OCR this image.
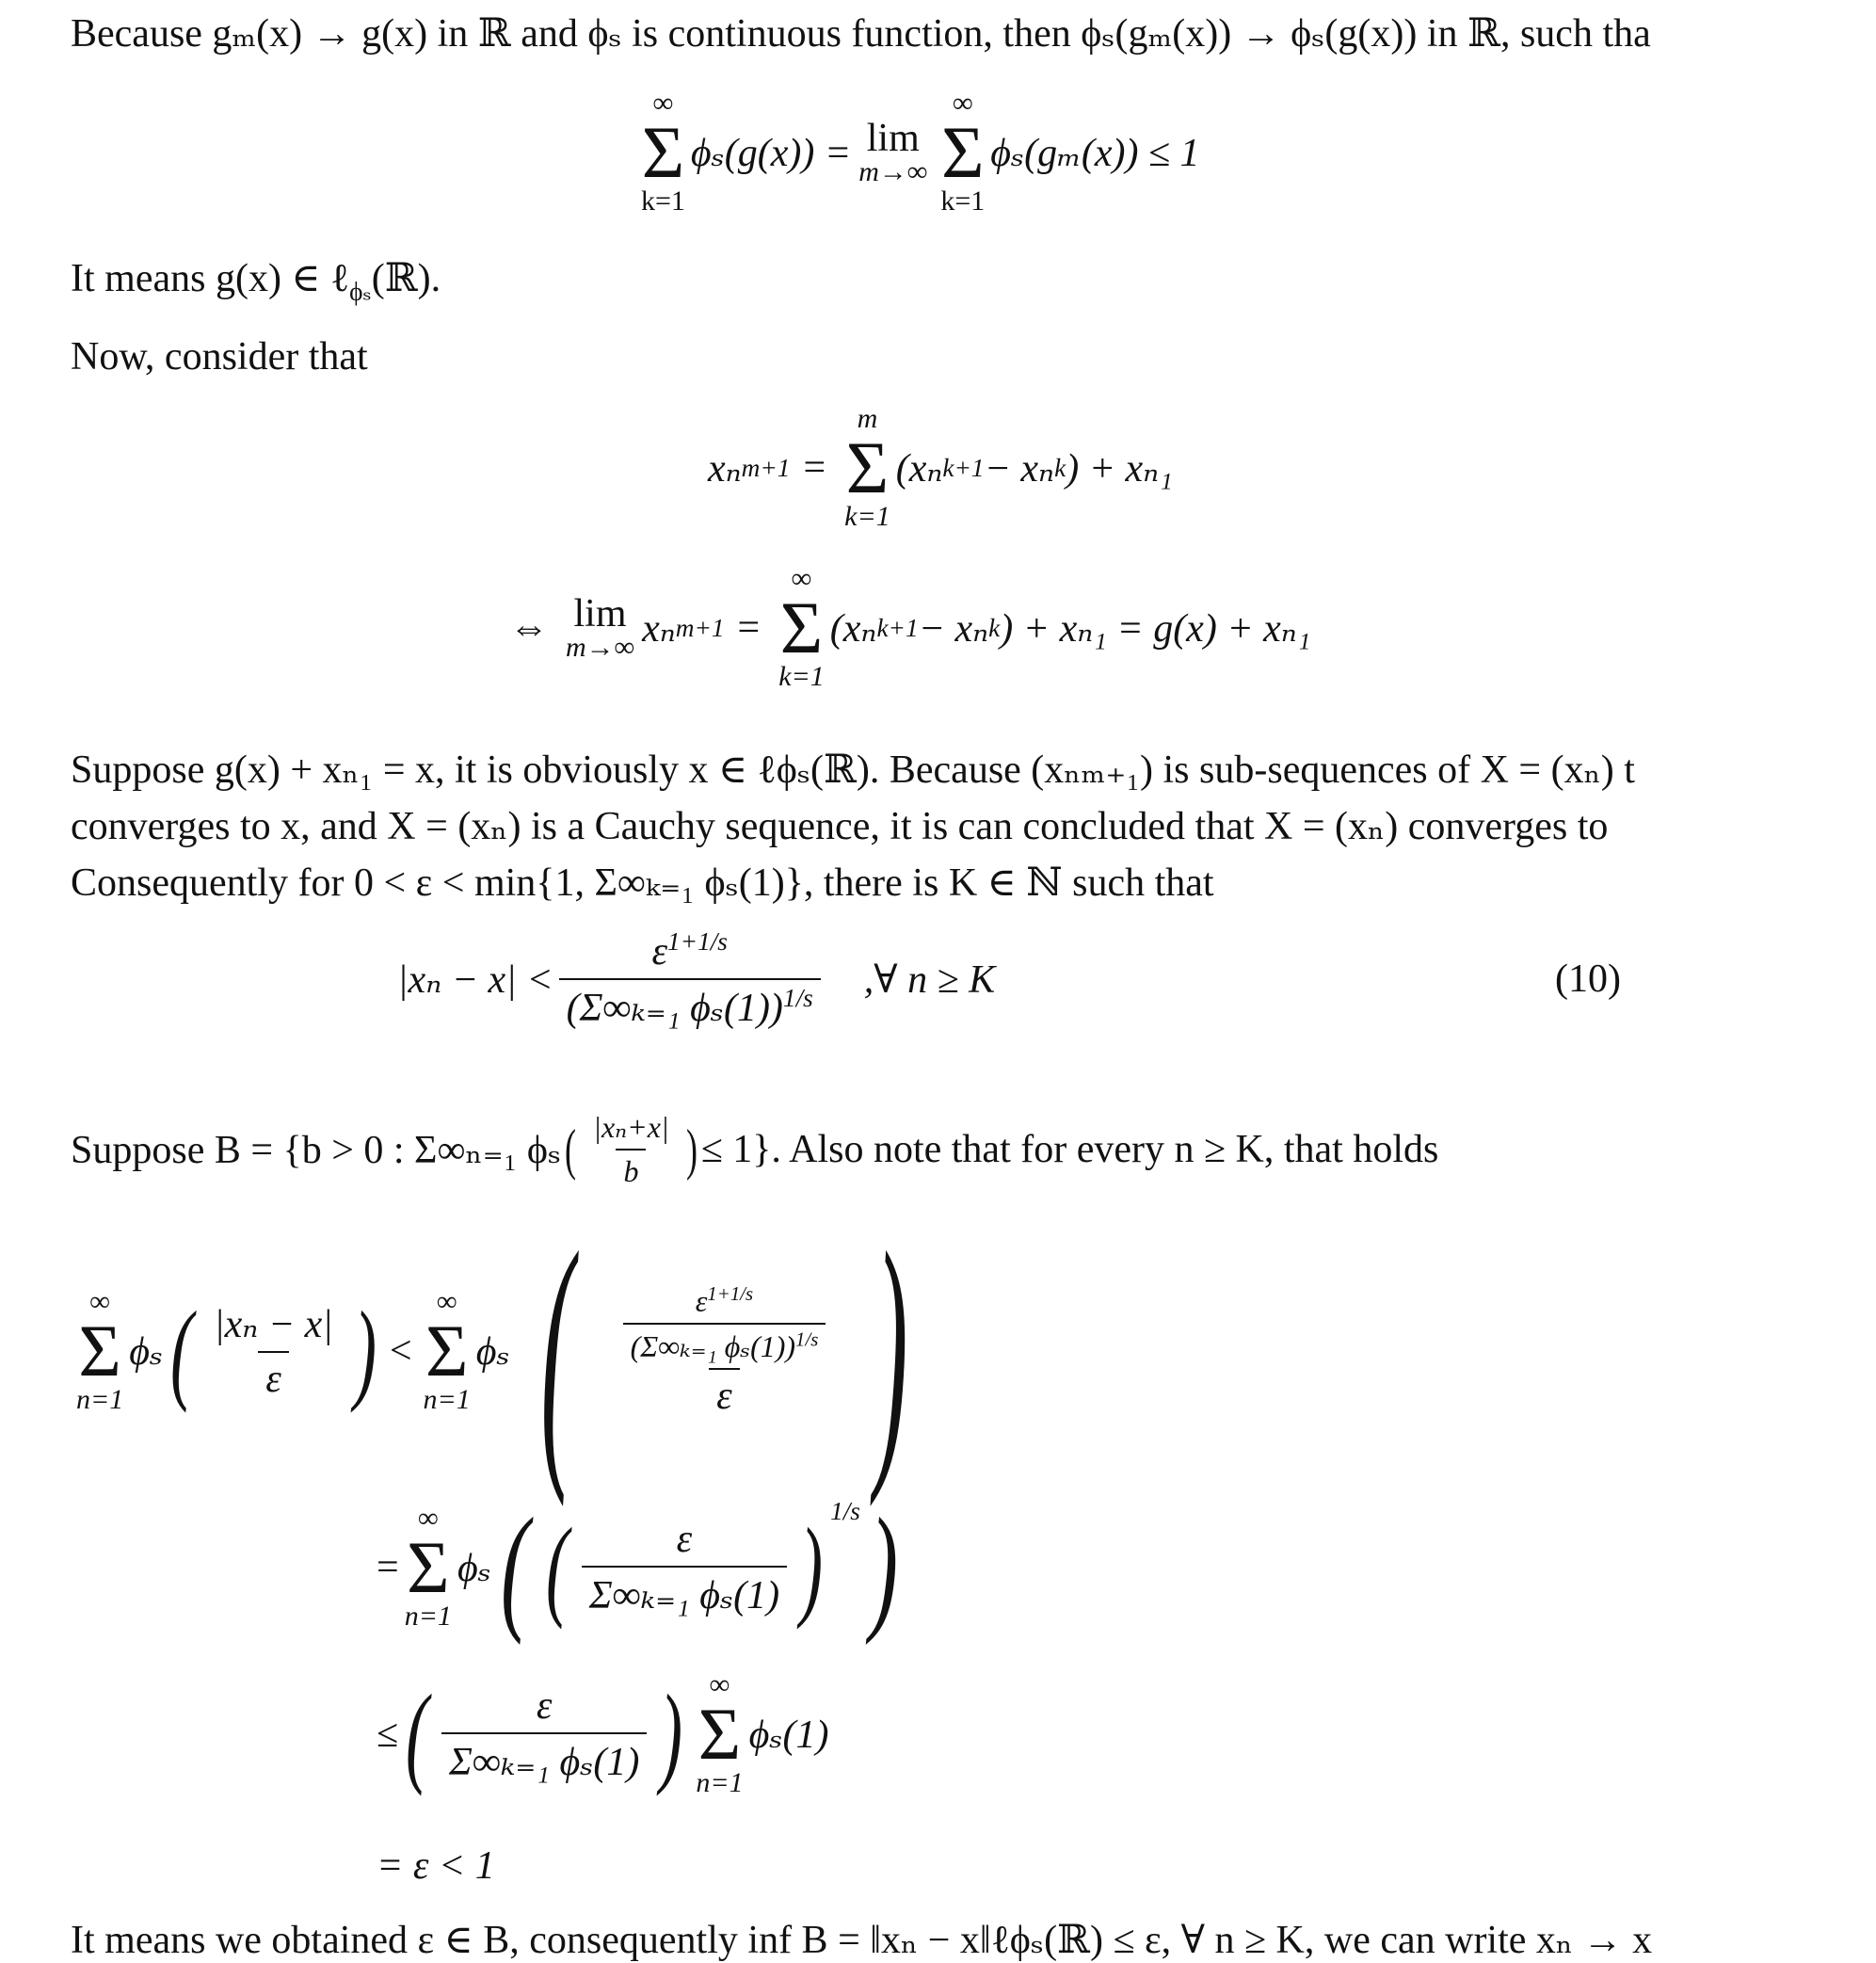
Because gₘ(x) → g(x) in ℝ and ϕₛ is continuous function, then ϕₛ(gₘ(x)) → ϕₛ(g(x)) in ℝ, such tha
∞
Σ
k=1
ϕₛ(g(x)) = lim
m→∞
∞
Σ
k=1
ϕₛ(gₘ(x)) ≤ 1
It means g(x) ∈ ℓ$_{\phi_s}$(ℝ).
Now, consider that
xₙ m+1 =
m
Σ
k=1
(xₙ k+1 − xₙ k ) + xₙ₁
⇔ lim
m→∞ xₙ m+1 =
∞
Σ
k=1
(xₙ k+1 − xₙ k ) + xₙ₁ = g(x) + xₙ₁
Suppose g(x) + xₙ₁ = x, it is obviously x ∈ ℓϕₛ(ℝ). Because (xₙₘ₊₁) is sub-sequences of X = (xₙ) t
converges to x, and X = (xₙ) is a Cauchy sequence, it is can concluded that X = (xₙ) converges to
Consequently for 0 < ε < min{1, Σ∞ₖ₌₁ ϕₛ(1)}, there is K ∈ ℕ such that
$|x_n - x| < \frac{\varepsilon^{1+1/s}}{(\Sigma\infty_{k=1} \phi_s(1))^{1/s}}$ ,∀ n ≥ K	(10)
Suppose B = {b > 0 : Σ∞ₙ₌₁ ϕₛ ( $\frac{\text{|xₙ+x|}}{b}$ ) ≤ 1}. Also note that for every n ≥ K, that holds
∞
Σ
n=1
ϕₛ ( $\frac{\text{|xₙ − x|}}{\varepsilon}$ ) <
∞
Σ
n=1
ϕₛ ( $\frac{\frac{\varepsilon^{1+1/s}}{(\Sigma\infty_{k=1} \phi_s(1))^{1/s}}}{\varepsilon}$ )
=
∞
Σ
n=1
ϕₛ ( ( $\frac{\varepsilon}{\text{Σ∞ₖ₌₁ ϕₛ(1)}}$ ) $^{1/s}$ )
≤ ( $\frac{\varepsilon}{\text{Σ∞ₖ₌₁ ϕₛ(1)}}$ ) ∞
Σ
n=1
ϕₛ(1)
= ε < 1
It means we obtained ε ∈ B, consequently inf B = ‖xₙ − x‖ℓϕₛ(ℝ) ≤ ε, ∀ n ≥ K, we can write xₙ → x
